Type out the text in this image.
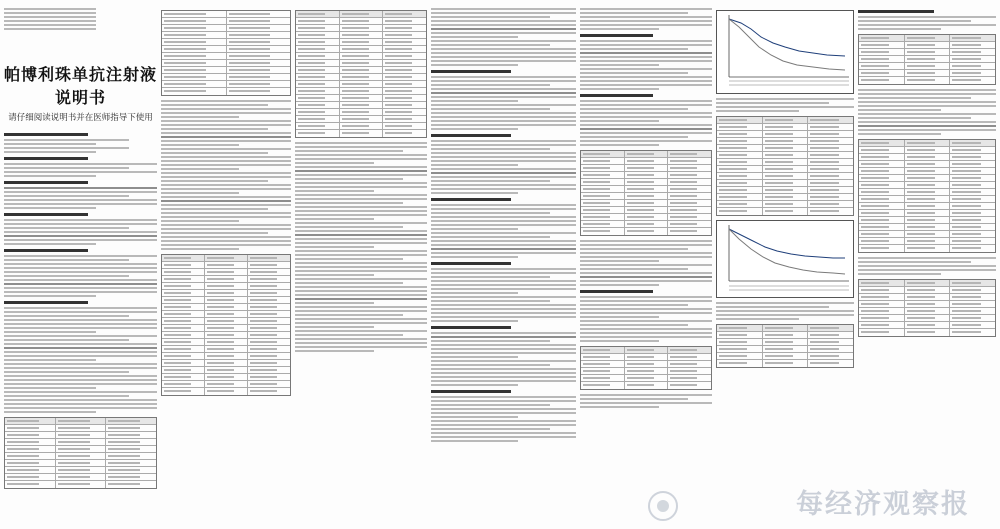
帕博利珠单抗注射液说明书
请仔细阅读说明书并在医师指导下使用
每经济观察报
